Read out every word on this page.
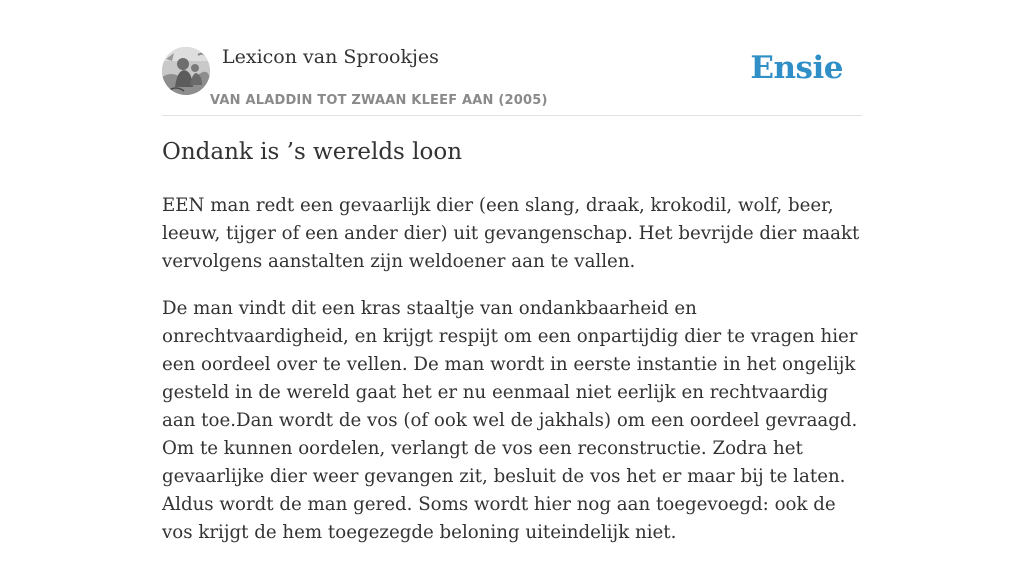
Lexicon van Sprookjes
VAN ALADDIN TOT ZWAAN KLEEF AAN (2005)
Ensie
Ondank is ’s werelds loon

EEN man redt een gevaarlijk dier (een slang, draak, krokodil, wolf, beer, leeuw, tijger of een ander dier) uit gevangenschap. Het bevrijde dier maakt vervolgens aanstalten zijn weldoener aan te vallen.

De man vindt dit een kras staaltje van ondankbaarheid en onrechtvaardigheid, en krijgt respijt om een onpartijdig dier te vragen hier een oordeel over te vellen. De man wordt in eerste instantie in het ongelijk gesteld in de wereld gaat het er nu eenmaal niet eerlijk en rechtvaardig aan toe.Dan wordt de vos (of ook wel de jakhals) om een oordeel gevraagd. Om te kunnen oordelen, verlangt de vos een reconstructie. Zodra het gevaarlijke dier weer gevangen zit, besluit de vos het er maar bij te laten. Aldus wordt de man gered. Soms wordt hier nog aan toegevoegd: ook de vos krijgt de hem toegezegde beloning uiteindelijk niet.
